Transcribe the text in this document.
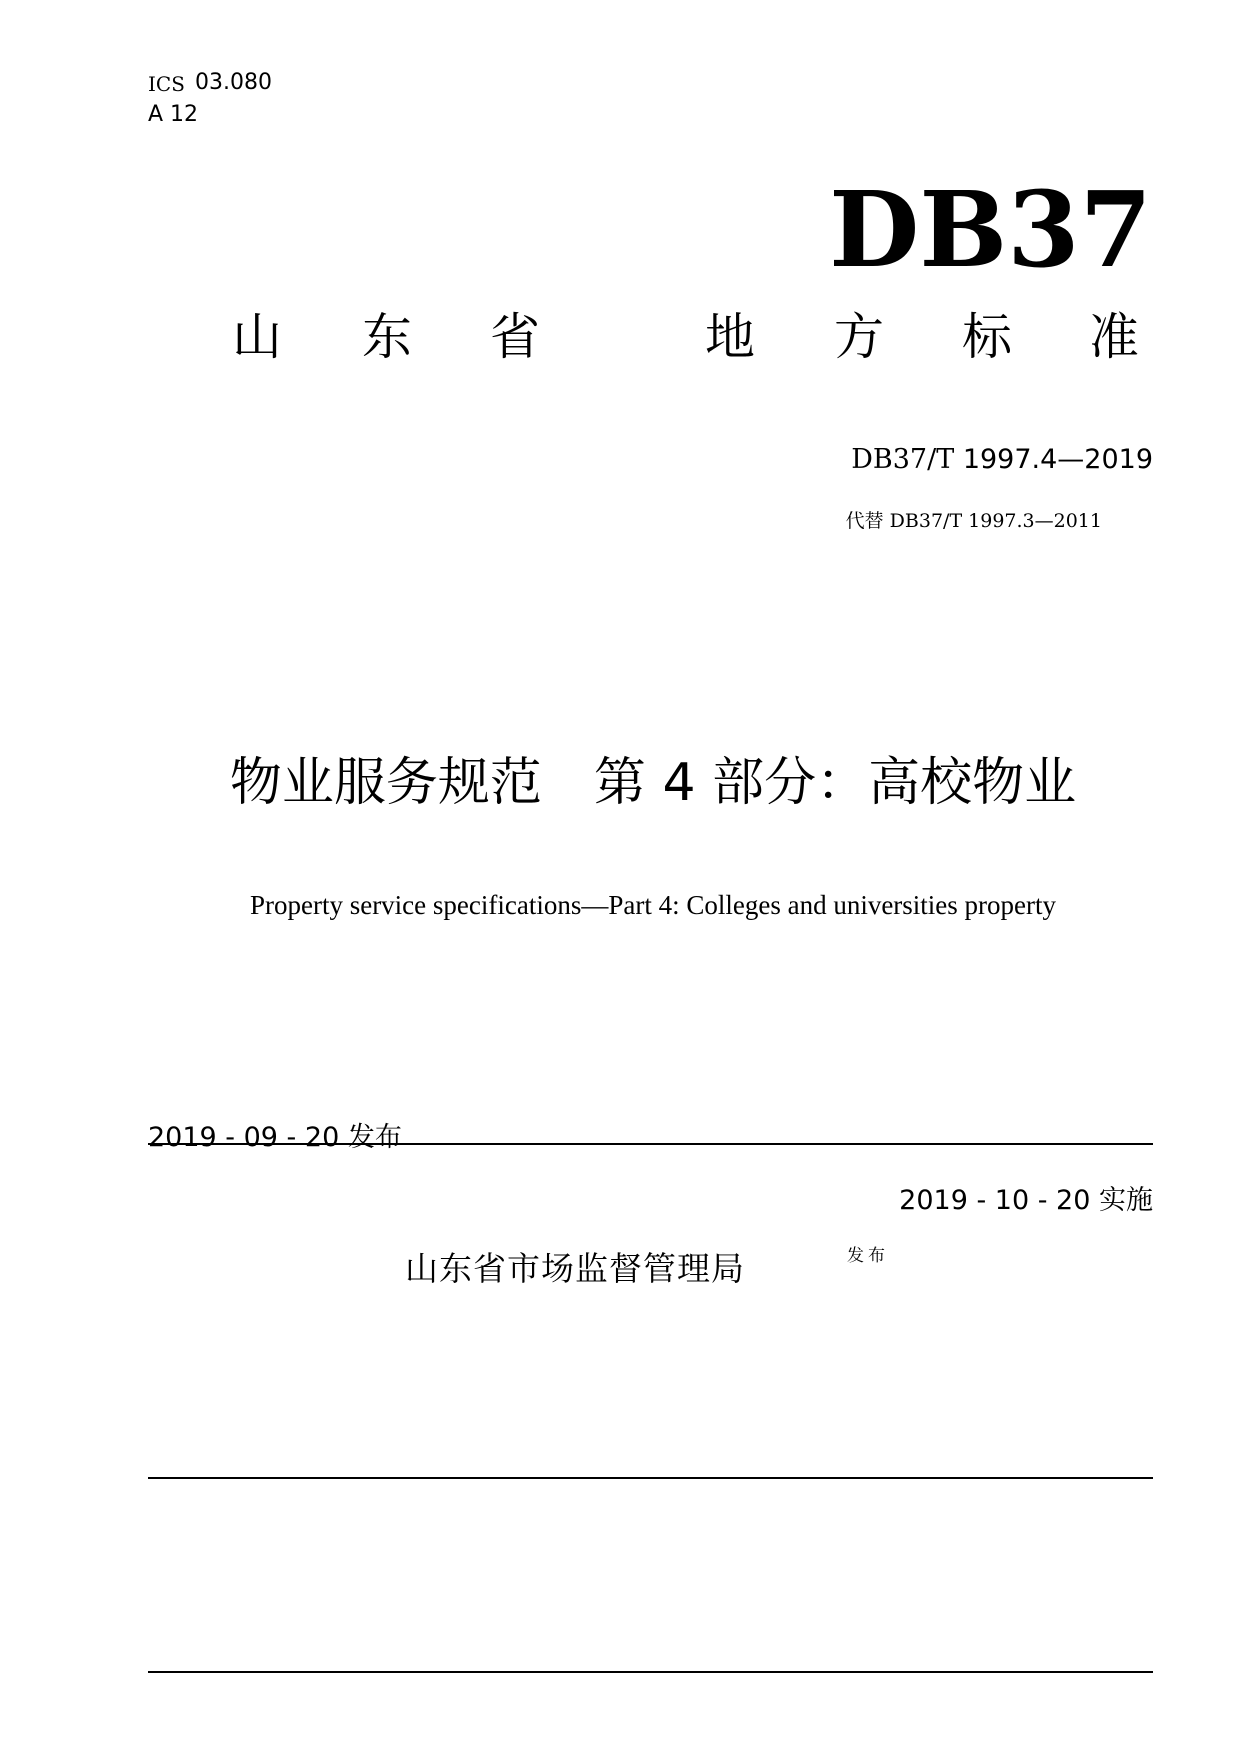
ICS 03.080
A 12
DB37
山 东 省	地 方 标 准
DB37/T 1997.4—2019
代替 DB37/T 1997.3—2011
物业服务规范　第 4 部分：高校物业
Property service specifications—Part 4: Colleges and universities property
2019 - 09 - 20 发布
2019 - 10 - 20 实施
山东省市场监督管理局	发布
